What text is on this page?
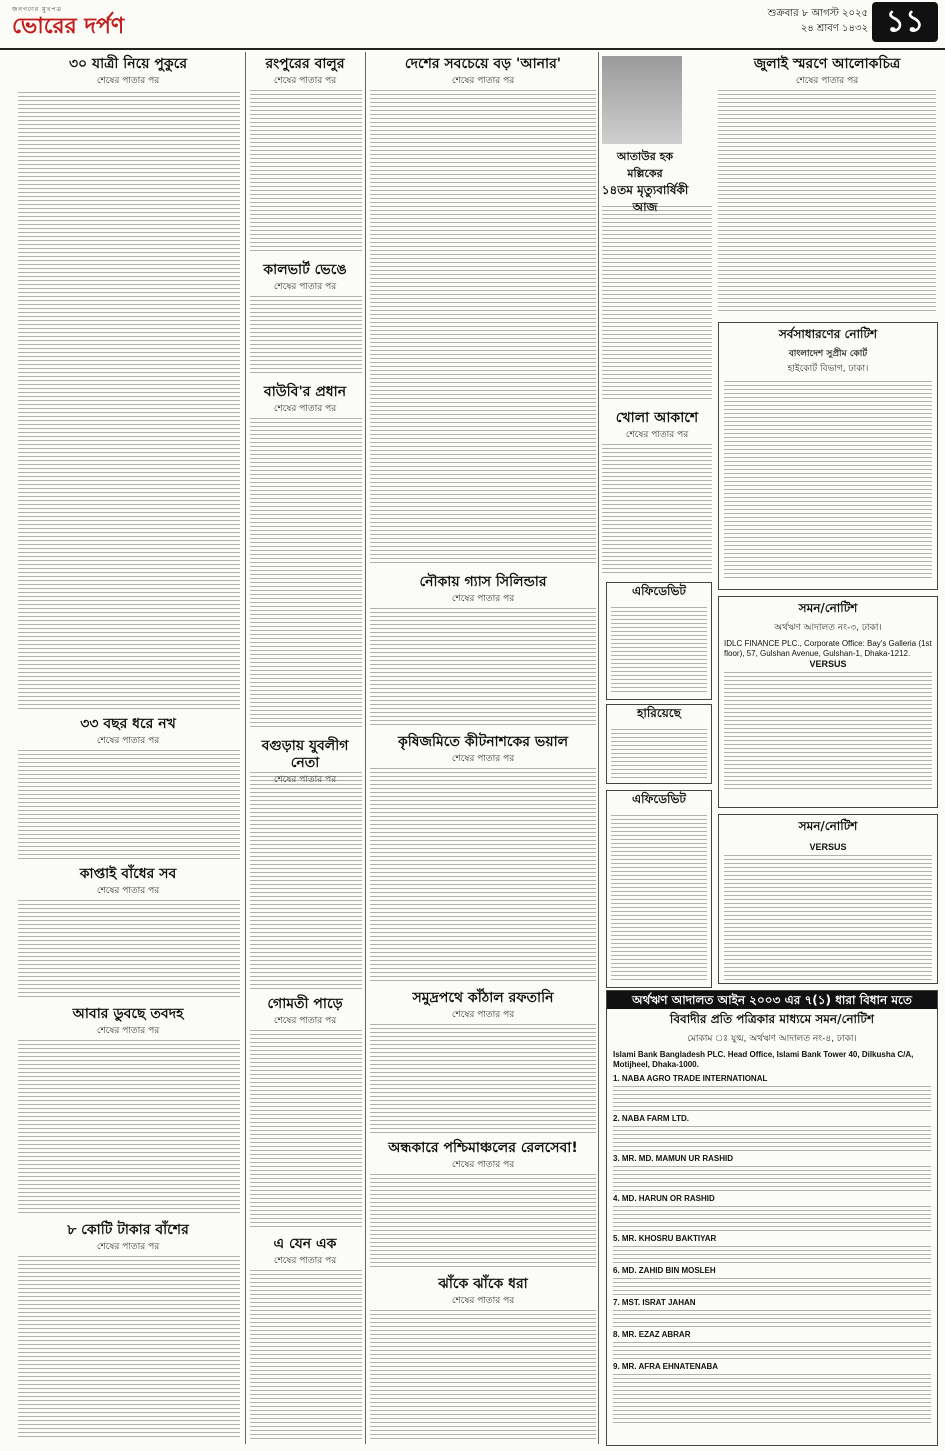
জনগণের মুখপত্র
ভোরের দর্পণ
শুক্রবার ৮ আগস্ট ২০২৫
২৪ শ্রাবণ ১৪৩২ ১১
৩০ যাত্রী নিয়ে পুকুরে
শেষের পাতার পর
৩৩ বছর ধরে নখ
শেষের পাতার পর
কাপ্তাই বাঁধের সব
শেষের পাতার পর
আবার ডুবছে তবদহ
শেষের পাতার পর
৮ কোটি টাকার বাঁশের
শেষের পাতার পর
রংপুরের বালুর
শেষের পাতার পর
কালভার্ট ভেঙে
শেষের পাতার পর
বাউবি'র প্রধান
শেষের পাতার পর
বগুড়ায় যুবলীগ নেতা
শেষের পাতার পর
গোমতী পাড়ে
শেষের পাতার পর
এ যেন এক
শেষের পাতার পর
দেশের সবচেয়ে বড় 'আনার'
শেষের পাতার পর
নৌকায় গ্যাস সিলিন্ডার
শেষের পাতার পর
কৃষিজমিতে কীটনাশকের ভয়াল
শেষের পাতার পর
সমুদ্রপথে কাঁঠাল রফতানি
শেষের পাতার পর
অন্ধকারে পশ্চিমাঞ্চলের রেলসেবা!
শেষের পাতার পর
ঝাঁকে ঝাঁকে ধরা
শেষের পাতার পর
আতাউর হক মল্লিকের
১৪তম মৃত্যুবার্ষিকী
আজ
খোলা আকাশে
শেষের পাতার পর
এফিডেভিট
হারিয়েছে
এফিডেভিট
জুলাই স্মরণে আলোকচিত্র
শেষের পাতার পর
সর্বসাধারণের নোটিশ
বাংলাদেশ সুপ্রীম কোর্ট
হাইকোর্ট বিভাগ, ঢাকা।
সমন/নোটিশ
অর্থঋণ আদালত নং-৩, ঢাকা।
IDLC FINANCE PLC., Corporate Office: Bay's Galleria (1st floor), 57, Gulshan Avenue, Gulshan-1, Dhaka-1212.
VERSUS
সমন/নোটিশ
VERSUS
অর্থঋণ আদালত আইন ২০০৩ এর ৭(১) ধারা বিধান মতে
বিবাদীর প্রতি পত্রিকার মাধ্যমে সমন/নোটিশ
মোকাম ঃ যুগ্ম, অর্থঋণ আদালত নং-৪, ঢাকা।
Islami Bank Bangladesh PLC. Head Office, Islami Bank Tower 40, Dilkusha C/A, Motijheel, Dhaka-1000.
1. NABA AGRO TRADE INTERNATIONAL
2. NABA FARM LTD.
3. MR. MD. MAMUN UR RASHID
4. MD. HARUN OR RASHID
5. MR. KHOSRU BAKTIYAR
6. MD. ZAHID BIN MOSLEH
7. MST. ISRAT JAHAN
8. MR. EZAZ ABRAR
9. MR. AFRA EHNATENABA
